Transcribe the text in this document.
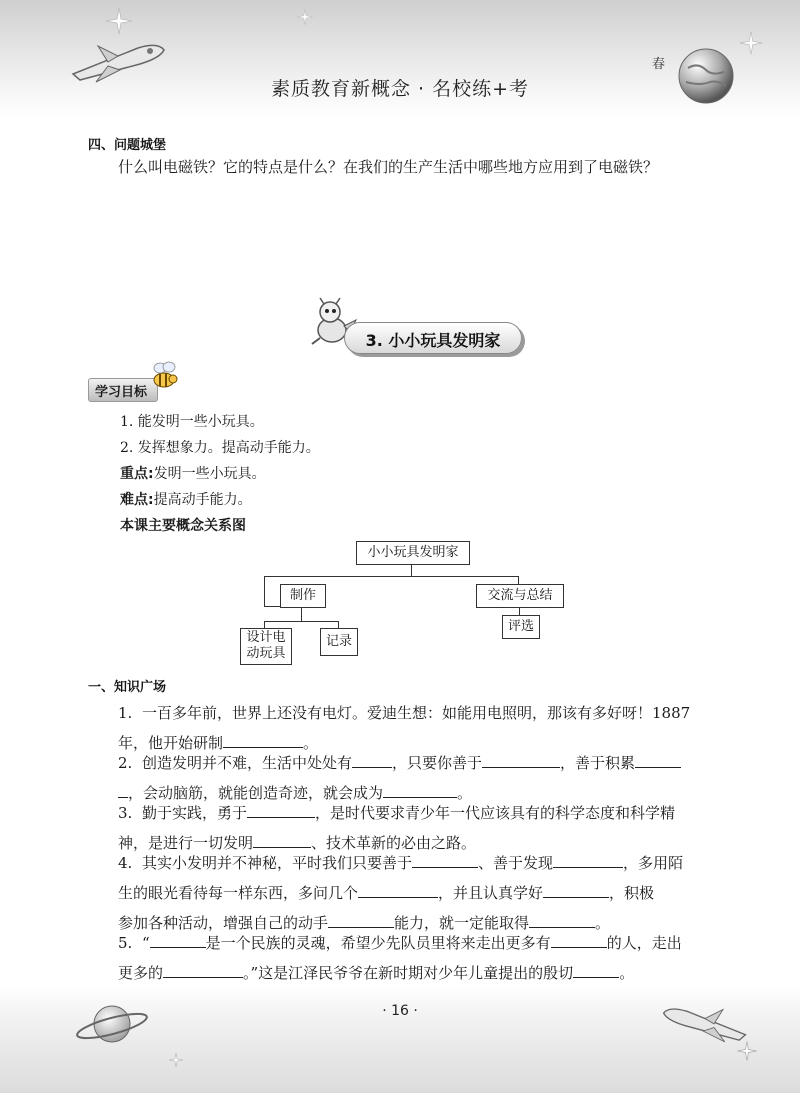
春
素质教育新概念 · 名校练+考
四、问题城堡
什么叫电磁铁？它的特点是什么？在我们的生产生活中哪些地方应用到了电磁铁？
3. 小小玩具发明家
学习目标
1. 能发明一些小玩具。
2. 发挥想象力。提高动手能力。
重点:发明一些小玩具。
难点:提高动手能力。
本课主要概念关系图
小小玩具发明家
制作	交流与总结
设计电
动玩具
记录
评选
一、知识广场
1. 一百多年前，世界上还没有电灯。爱迪生想：如能用电照明，那该有多好呀！1887
年，他开始研制	。
2. 创造发明并不难，生活中处处有	，只要你善于	，善于积累
，会动脑筋，就能创造奇迹，就会成为	。
3. 勤于实践，勇于	，是时代要求青少年一代应该具有的科学态度和科学精
神，是进行一切发明	、技术革新的必由之路。
4. 其实小发明并不神秘，平时我们只要善于	、善于发现	，多用陌
生的眼光看待每一样东西，多问几个	，并且认真学好	，积极
参加各种活动，增强自己的动手	能力，就一定能取得	。
5. “	是一个民族的灵魂，希望少先队员里将来走出更多有	的人，走出
更多的	。”这是江泽民爷爷在新时期对少年儿童提出的殷切	。
· 16 ·
